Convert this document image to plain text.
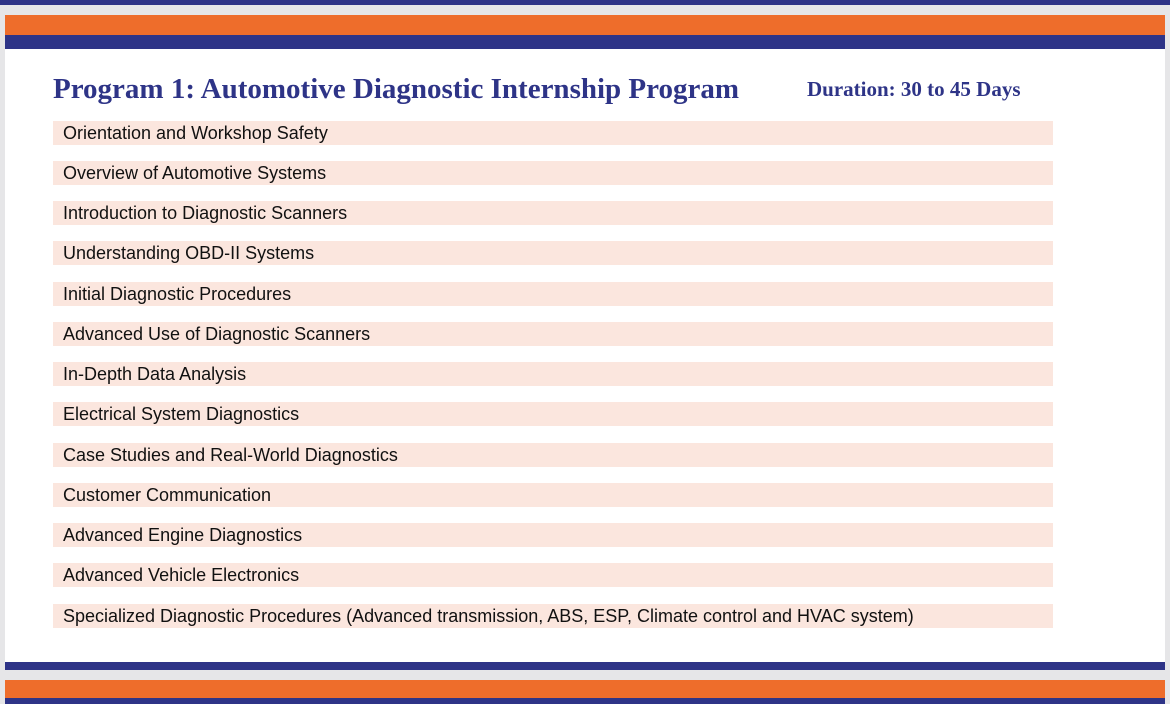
Program 1: Automotive Diagnostic Internship Program	Duration: 30 to 45 Days
Orientation and Workshop Safety
Overview of Automotive Systems
Introduction to Diagnostic Scanners
Understanding OBD-II Systems
Initial Diagnostic Procedures
Advanced Use of Diagnostic Scanners
In-Depth Data Analysis
Electrical System Diagnostics
Case Studies and Real-World Diagnostics
Customer Communication
Advanced Engine Diagnostics
Advanced Vehicle Electronics
Specialized Diagnostic Procedures (Advanced transmission, ABS, ESP, Climate control and HVAC system)
